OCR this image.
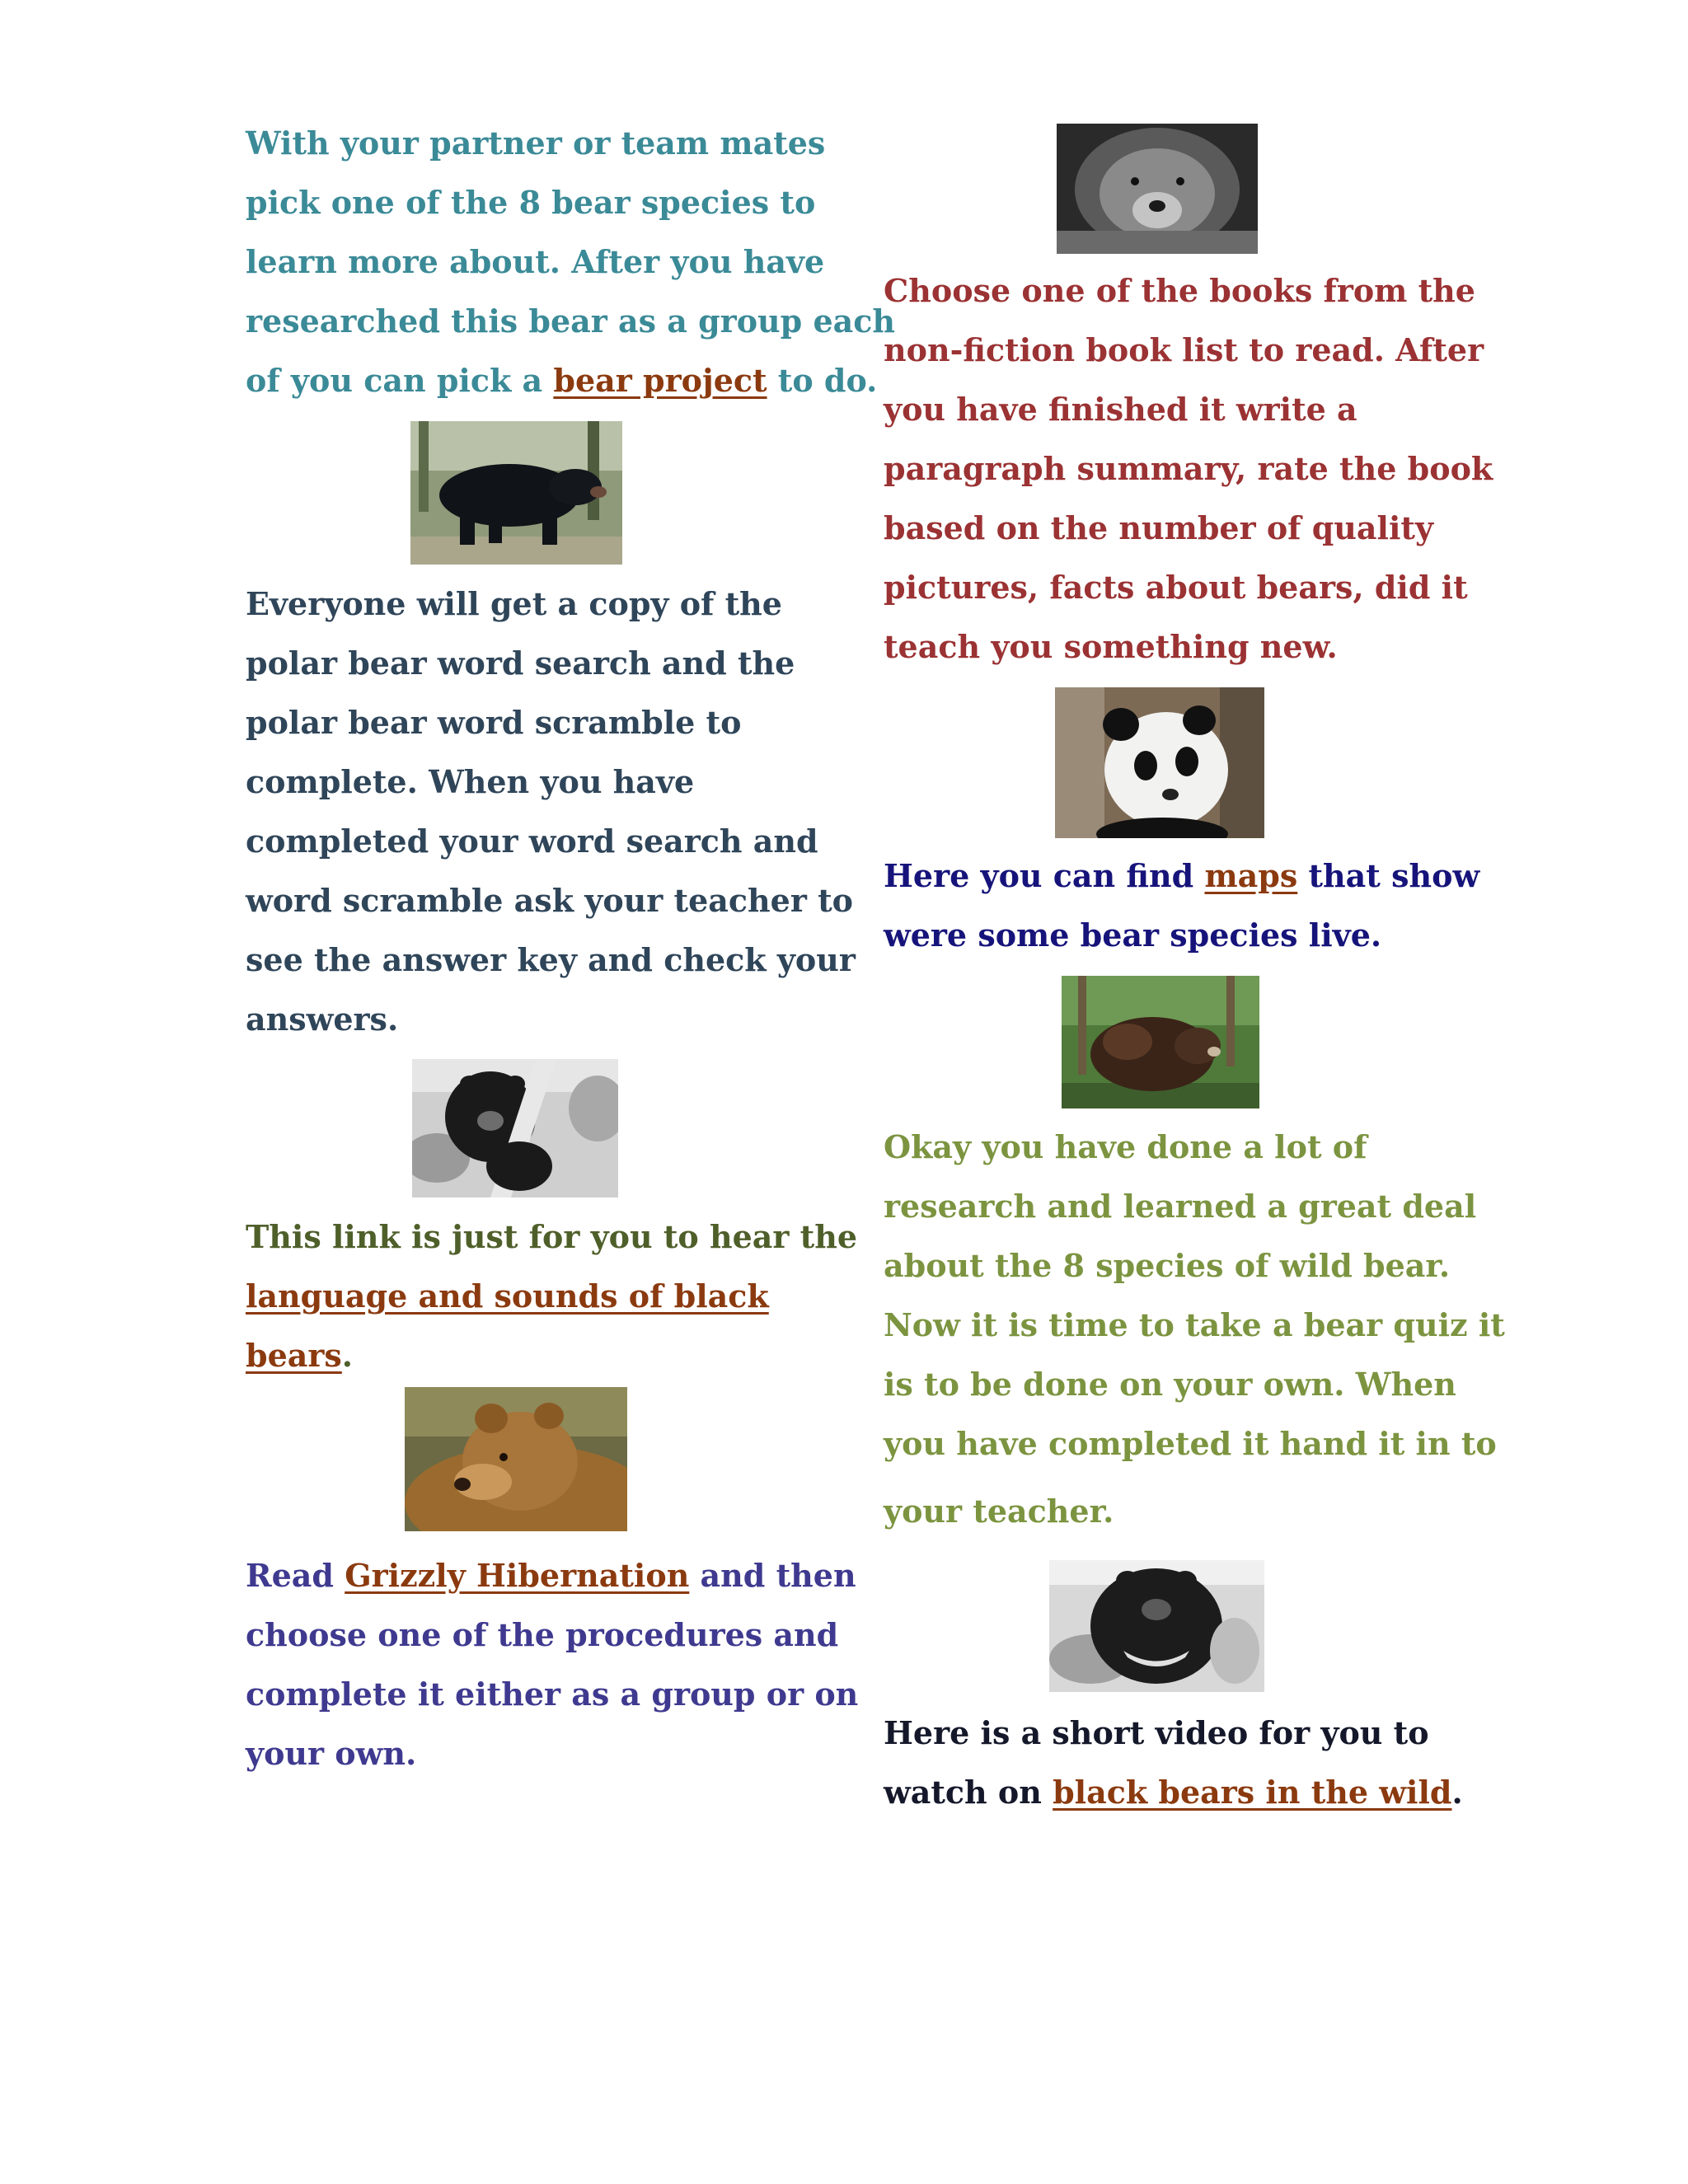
With your partner or team mates
pick one of the 8 bear species to
learn more about. After you have
researched this bear as a group each
of you can pick a bear project to do.
Everyone will get a copy of the
polar bear word search and the
polar bear word scramble to
complete. When you have
completed your word search and
word scramble ask your teacher to
see the answer key and check your
answers.
This link is just for you to hear the
language and sounds of black
bears.
Read Grizzly Hibernation and then
choose one of the procedures and
complete it either as a group or on
your own.
Choose one of the books from the
non-fiction book list to read. After
you have finished it write a
paragraph summary, rate the book
based on the number of quality
pictures, facts about bears, did it
teach you something new.
Here you can find maps that show
were some bear species live.
Okay you have done a lot of
research and learned a great deal
about the 8 species of wild bear.
Now it is time to take a bear quiz it
is to be done on your own. When
you have completed it hand it in to
your teacher.
Here is a short video for you to
watch on black bears in the wild.
